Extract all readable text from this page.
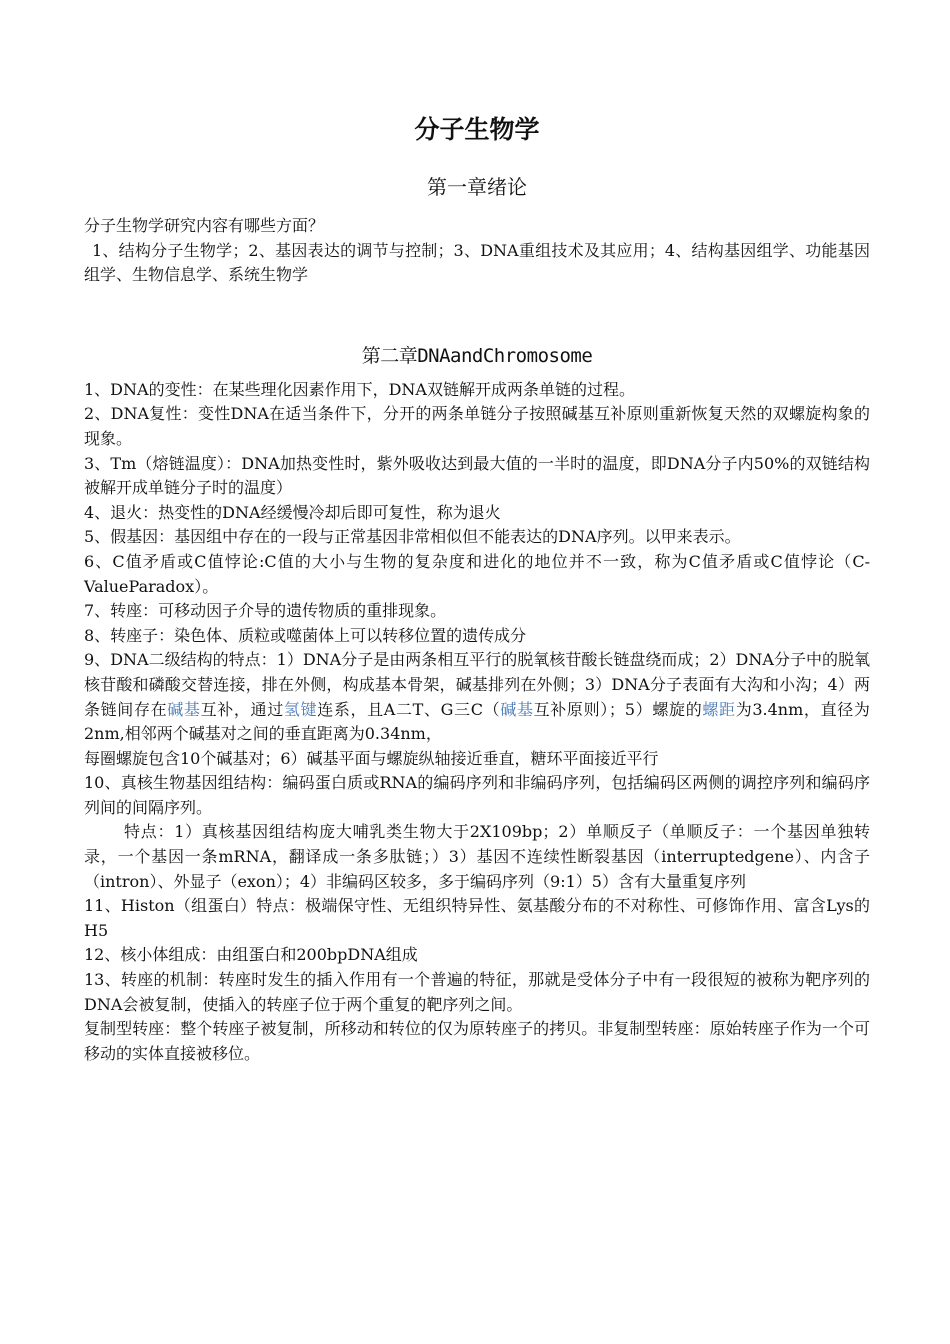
分子生物学
第一章绪论
分子生物学研究内容有哪些方面？

1、结构分子生物学；2、基因表达的调节与控制；3、DNA重组技术及其应用；4、结构基因组学、功能基因组学、生物信息学、系统生物学

第二章DNAandChromosome

1、DNA的变性：在某些理化因素作用下，DNA双链解开成两条单链的过程。

2、DNA复性：变性DNA在适当条件下，分开的两条单链分子按照碱基互补原则重新恢复天然的双螺旋构象的现象。

3、Tm（熔链温度）：DNA加热变性时，紫外吸收达到最大值的一半时的温度，即DNA分子内50%的双链结构被解开成单链分子时的温度）

4、退火：热变性的DNA经缓慢冷却后即可复性，称为退火

5、假基因：基因组中存在的一段与正常基因非常相似但不能表达的DNA序列。以甲来表示。

6、C值矛盾或C值悖论:C值的大小与生物的复杂度和进化的地位并不一致，称为C值矛盾或C值悖论（C-ValueParadox）。

7、转座：可移动因子介导的遗传物质的重排现象。

8、转座子：染色体、质粒或噬菌体上可以转移位置的遗传成分

9、DNA二级结构的特点：1）DNA分子是由两条相互平行的脱氧核苷酸长链盘绕而成；2）DNA分子中的脱氧核苷酸和磷酸交替连接，排在外侧，构成基本骨架，碱基排列在外侧；3）DNA分子表面有大沟和小沟；4）两条链间存在碱基互补，通过氢键连系，且A二T、G三C（碱基互补原则）；5）螺旋的螺距为3.4nm，直径为2nm,相邻两个碱基对之间的垂直距离为0.34nm，

每圈螺旋包含10个碱基对；6）碱基平面与螺旋纵轴接近垂直，糖环平面接近平行

10、真核生物基因组结构：编码蛋白质或RNA的编码序列和非编码序列，包括编码区两侧的调控序列和编码序列间的间隔序列。

特点：1）真核基因组结构庞大哺乳类生物大于2X109bp；2）单顺反子（单顺反子：一个基因单独转录，一个基因一条mRNA，翻译成一条多肽链；）3）基因不连续性断裂基因（interruptedgene）、内含子（intron）、外显子（exon）；4）非编码区较多，多于编码序列（9:1）5）含有大量重复序列

11、Histon（组蛋白）特点：极端保守性、无组织特异性、氨基酸分布的不对称性、可修饰作用、富含Lys的H5

12、核小体组成：由组蛋白和200bpDNA组成

13、转座的机制：转座时发生的插入作用有一个普遍的特征，那就是受体分子中有一段很短的被称为靶序列的DNA会被复制，使插入的转座子位于两个重复的靶序列之间。

复制型转座：整个转座子被复制，所移动和转位的仅为原转座子的拷贝。非复制型转座：原始转座子作为一个可移动的实体直接被移位。
